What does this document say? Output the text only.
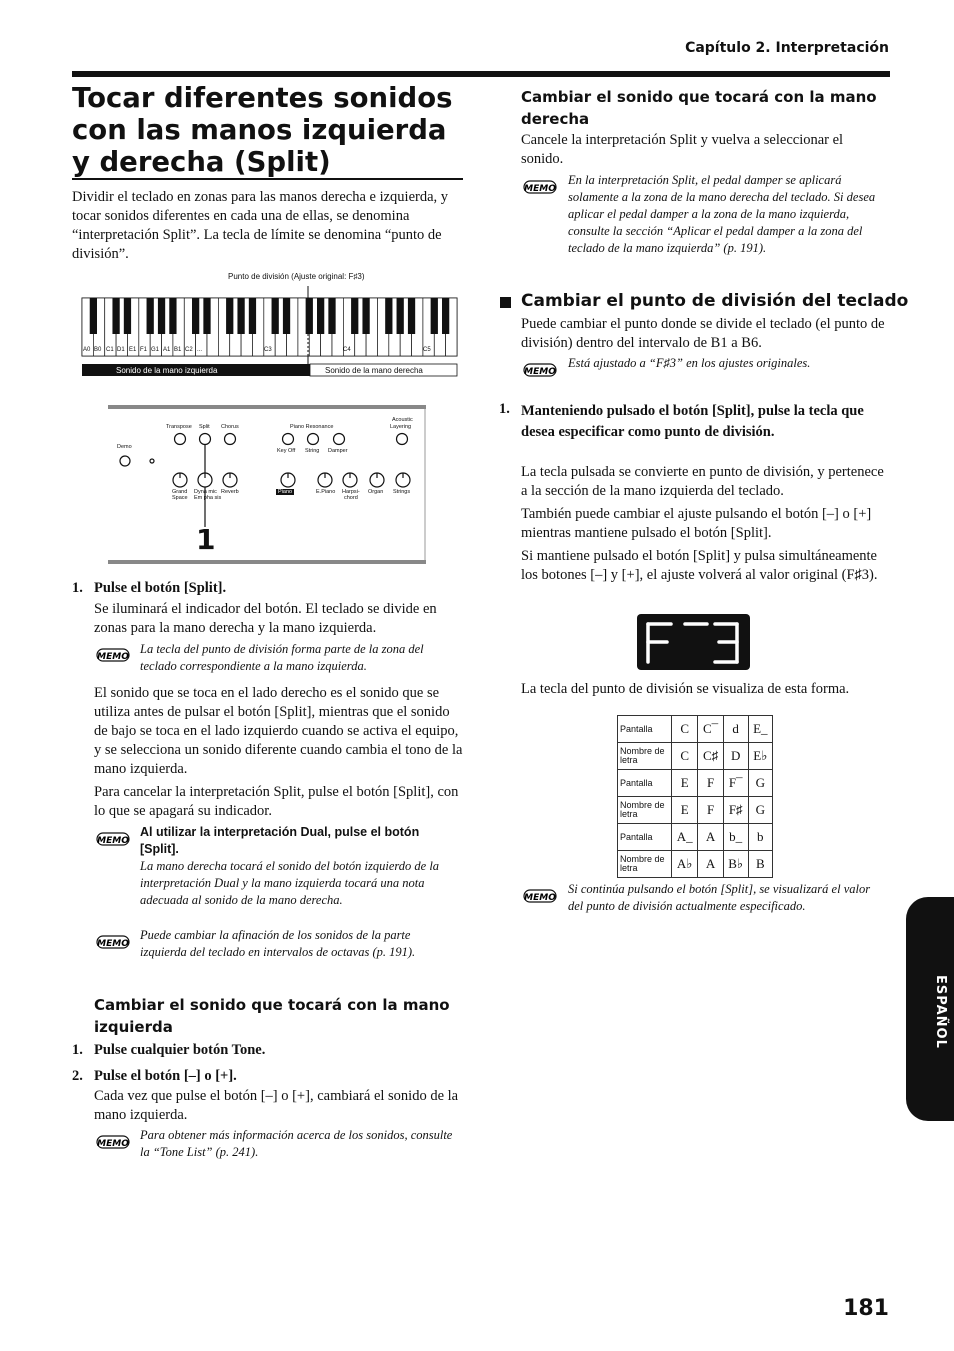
Capítulo 2. Interpretación
Tocar diferentes sonidos con las manos izquierda y derecha (Split)
Dividir el teclado en zonas para las manos derecha e izquierda, y tocar sonidos diferentes en cada una de ellas, se denomina “interpretación Split”. La tecla de límite se denomina “punto de división”.
Punto de división (Ajuste original: F♯3)
Sonido de la mano izquierda	Sonido de la mano derecha
A0 B0 C1 D1 E1 F1 G1 A1 B1 C2 ...	C3	C4	C5
Transpose Split Chorus	Piano Resonance
Acoustic
Layering
Demo
Key Off String Damper
Grand
Space
Dyna mic
Em pha sis
Reverb	Piano	E.Piano Harpsi-
chord
Organ Strings
1
1. Pulse el botón [Split].
Se iluminará el indicador del botón. El teclado se divide en zonas para la mano derecha y la mano izquierda.
MEMO
La tecla del punto de división forma parte de la zona del teclado correspondiente a la mano izquierda.
El sonido que se toca en el lado derecho es el sonido que se utiliza antes de pulsar el botón [Split], mientras que el sonido de bajo se toca en el lado izquierdo cuando se activa el equipo, y se selecciona un sonido diferente cuando cambia el tono de la mano izquierda.
Para cancelar la interpretación Split, pulse el botón [Split], con lo que se apagará su indicador.
MEMO
Al utilizar la interpretación Dual, pulse el botón [Split].
La mano derecha tocará el sonido del botón izquierdo de la interpretación Dual y la mano izquierda tocará una nota adecuada al sonido de la mano derecha.
MEMO
Puede cambiar la afinación de los sonidos de la parte izquierda del teclado en intervalos de octavas (p. 191).
Cambiar el sonido que tocará con la mano izquierda
1. Pulse cualquier botón Tone.
2. Pulse el botón [–] o [+].
Cada vez que pulse el botón [–] o [+], cambiará el sonido de la mano izquierda.
MEMO
Para obtener más información acerca de los sonidos, consulte la “Tone List” (p. 241).
Cambiar el sonido que tocará con la mano derecha
Cancele la interpretación Split y vuelva a seleccionar el sonido.
MEMO
En la interpretación Split, el pedal damper se aplicará solamente a la zona de la mano derecha del teclado. Si desea aplicar el pedal damper a la zona de la mano izquierda, consulte la sección “Aplicar el pedal damper a la zona del teclado de la mano izquierda” (p. 191).
Cambiar el punto de división del teclado
Puede cambiar el punto donde se divide el teclado (el punto de división) dentro del intervalo de B1 a B6.
MEMO
Está ajustado a “F♯3” en los ajustes originales.
1. Manteniendo pulsado el botón [Split], pulse la tecla que desea especificar como punto de división.
La tecla pulsada se convierte en punto de división, y pertenece a la sección de la mano izquierda del teclado.
También puede cambiar el ajuste pulsando el botón [–] o [+] mientras mantiene pulsado el botón [Split].
Si mantiene pulsado el botón [Split] y pulsa simultáneamente los botones [–] y [+], el ajuste volverá al valor original (F♯3).
La tecla del punto de división se visualiza de esta forma.
Pantalla	C	C¯	d	E_
Nombre de letra	C	C♯	D	E♭
Pantalla	E	F	F¯	G
Nombre de letra	E	F	F♯	G
Pantalla	A_	A	b_	b
Nombre de letra	A♭	A	B♭	B
MEMO
Si continúa pulsando el botón [Split], se visualizará el valor del punto de división actualmente especificado.
ESPAÑOL
181
